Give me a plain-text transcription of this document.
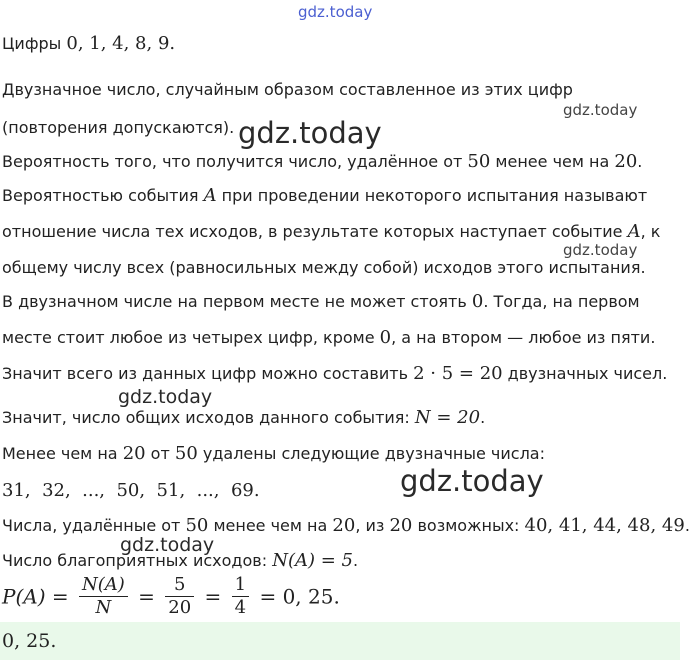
gdz.today
gdz.today
gdz.today
gdz.today
gdz.today
gdz.today
gdz.today
Цифры 0, 1, 4, 8, 9.
Двузначное число, случайным образом составленное из этих цифр
(повторения допускаются).
Вероятность того, что получится число, удалённое от 50 менее чем на 20.
Вероятностью события A при проведении некоторого испытания называют
отношение числа тех исходов, в результате которых наступает событие A, к
общему числу всех (равносильных между собой) исходов этого испытания.
В двузначном числе на первом месте не может стоять 0. Тогда, на первом
месте стоит любое из четырех цифр, кроме 0, а на втором — любое из пяти.
Значит всего из данных цифр можно составить 2 · 5 = 20 двузначных чисел.
Значит, число общих исходов данного события: N = 20.
Менее чем на 20 от 50 удалены следующие двузначные числа:
31,  32,  ...,  50,  51,  ...,  69.
Числа, удалённые от 50 менее чем на 20, из 20 возможных: 40, 41, 44, 48, 49.
Число благоприятных исходов: N(A) = 5.
$P(A) = \frac{N(A)}{N} = \frac{5}{20} = \frac{1}{4} = 0$, 25.
0, 25.
